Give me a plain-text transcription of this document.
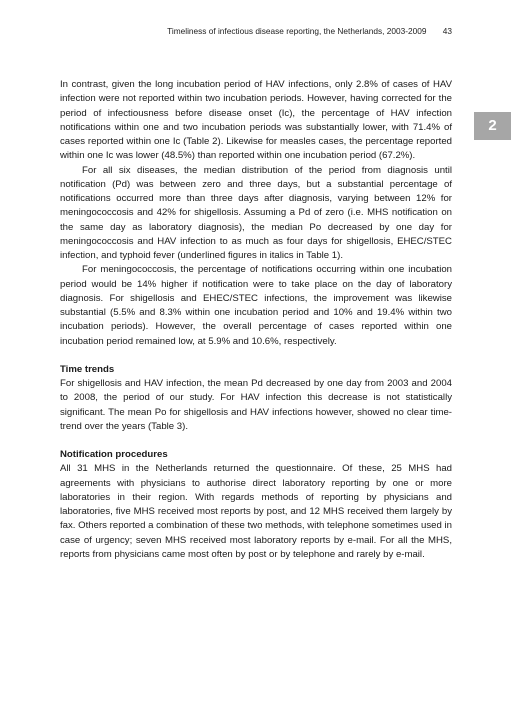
Timeliness of infectious disease reporting, the Netherlands, 2003-2009 43
2

In contrast, given the long incubation period of HAV infections, only 2.8% of cases of HAV infection were not reported within two incubation periods. However, having corrected for the period of infectiousness before disease onset (Ic), the percentage of HAV infection notifications within one and two incubation periods was substantially lower, with 71.4% of cases reported within one Ic (Table 2). Likewise for measles cases, the percentage reported within one Ic was lower (48.5%) than reported within one incubation period (67.2%).

For all six diseases, the median distribution of the period from diagnosis until notification (Pd) was between zero and three days, but a substantial percentage of notifications occurred more than three days after diagnosis, varying between 12% for meningococcosis and 42% for shigellosis. Assuming a Pd of zero (i.e. MHS notification on the same day as laboratory diagnosis), the median Po decreased by one day for meningococcosis and HAV infection to as much as four days for shigellosis, EHEC/STEC infection, and typhoid fever (underlined figures in italics in Table 1).

For meningococcosis, the percentage of notifications occurring within one incubation period would be 14% higher if notification were to take place on the day of laboratory diagnosis. For shigellosis and EHEC/STEC infections, the improvement was likewise substantial (5.5% and 8.3% within one incubation period and 10% and 19.4% within two incubation periods). However, the overall percentage of cases reported within one incubation period remained low, at 5.9% and 10.6%, respectively.

Time trends

For shigellosis and HAV infection, the mean Pd decreased by one day from 2003 and 2004 to 2008, the period of our study. For HAV infection this decrease is not statistically significant. The mean Po for shigellosis and HAV infections however, showed no clear time-trend over the years (Table 3).

Notification procedures

All 31 MHS in the Netherlands returned the questionnaire. Of these, 25 MHS had agreements with physicians to authorise direct laboratory reporting by one or more laboratories in their region. With regards methods of reporting by physicians and laboratories, five MHS received most reports by post, and 12 MHS received them largely by fax. Others reported a combination of these two methods, with telephone sometimes used in case of urgency; seven MHS received most laboratory reports by e-mail. For all the MHS, reports from physicians came most often by post or by telephone and rarely by e-mail.
